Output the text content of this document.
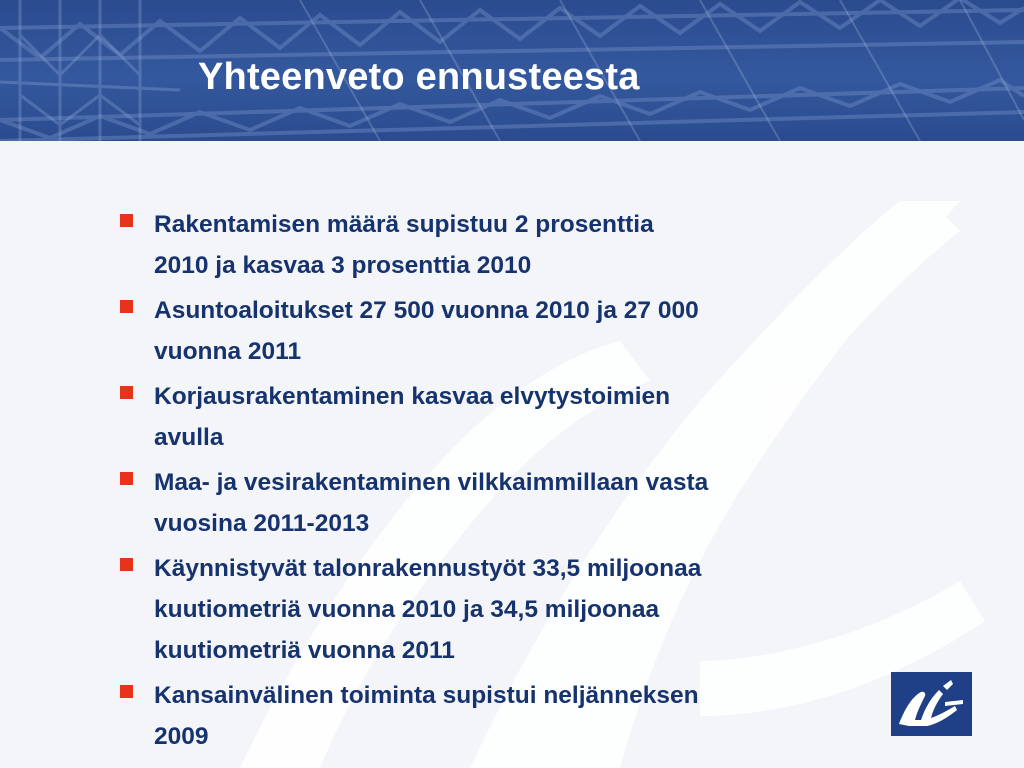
Yhteenveto ennusteesta
Rakentamisen määrä supistuu 2 prosenttia
2010 ja kasvaa 3 prosenttia 2010
Asuntoaloitukset 27 500 vuonna 2010 ja 27 000
vuonna 2011
Korjausrakentaminen kasvaa elvytystoimien
avulla
Maa- ja vesirakentaminen vilkkaimmillaan vasta
vuosina 2011-2013
Käynnistyvät talonrakennustyöt 33,5 miljoonaa
kuutiometriä vuonna 2010 ja 34,5 miljoonaa
kuutiometriä vuonna 2011
Kansainvälinen toiminta supistui neljänneksen
2009
